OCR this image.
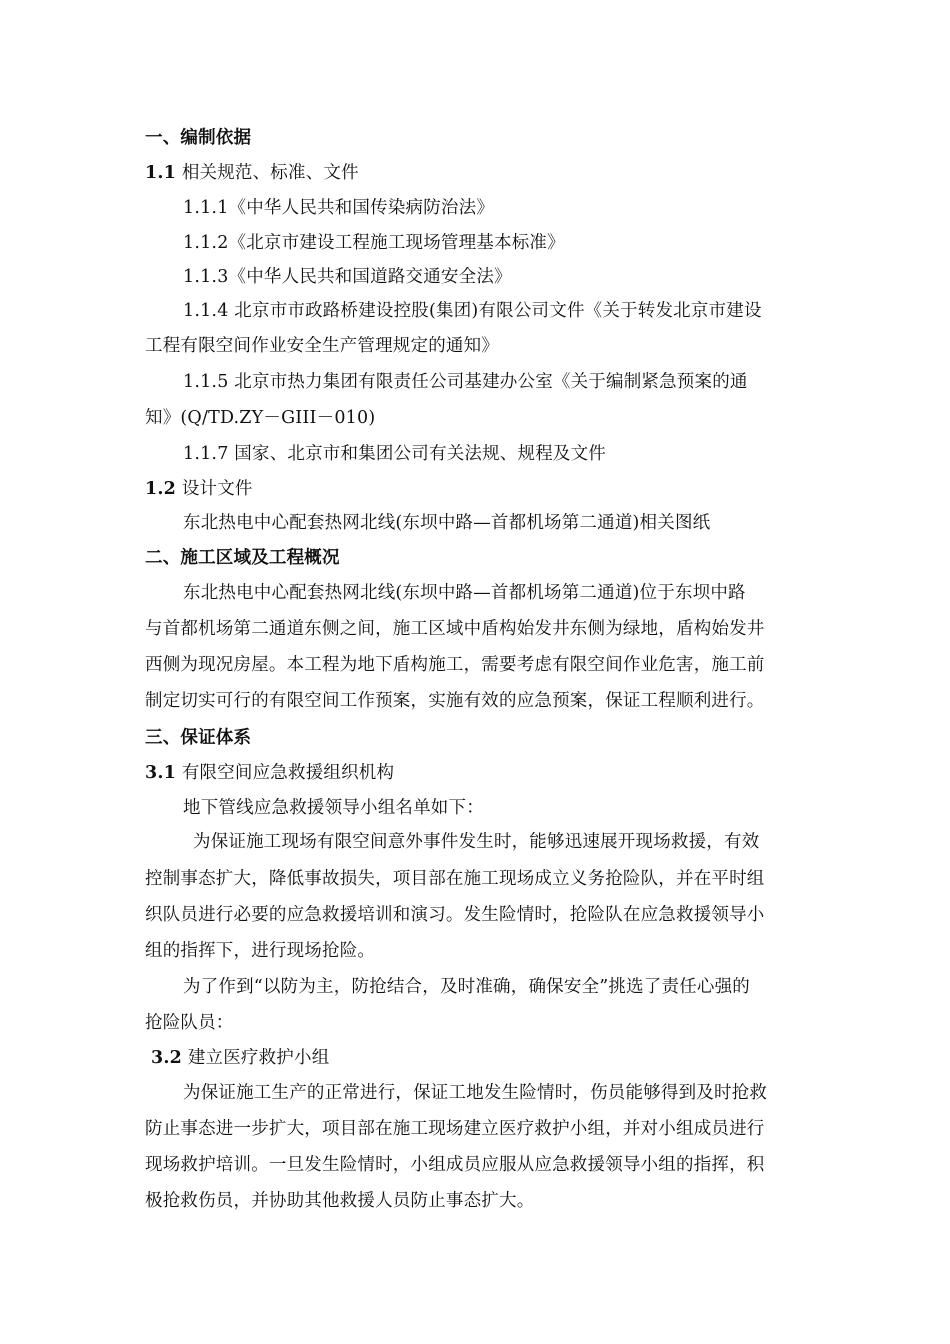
一、编制依据
1.1 相关规范、标准、文件
1.1.1《中华人民共和国传染病防治法》
1.1.2《北京市建设工程施工现场管理基本标准》
1.1.3《中华人民共和国道路交通安全法》
1.1.4 北京市市政路桥建设控股(集团)有限公司文件《关于转发北京市建设
工程有限空间作业安全生产管理规定的通知》
1.1.5 北京市热力集团有限责任公司基建办公室《关于编制紧急预案的通
知》(Q/TD.ZY－GIII－010)
1.1.7 国家、北京市和集团公司有关法规、规程及文件
1.2 设计文件
东北热电中心配套热网北线(东坝中路—首都机场第二通道)相关图纸
二、施工区域及工程概况
东北热电中心配套热网北线(东坝中路—首都机场第二通道)位于东坝中路
与首都机场第二通道东侧之间，施工区域中盾构始发井东侧为绿地，盾构始发井
西侧为现况房屋。本工程为地下盾构施工，需要考虑有限空间作业危害，施工前
制定切实可行的有限空间工作预案，实施有效的应急预案，保证工程顺利进行。
三、保证体系
3.1 有限空间应急救援组织机构
地下管线应急救援领导小组名单如下：
为保证施工现场有限空间意外事件发生时，能够迅速展开现场救援，有效
控制事态扩大，降低事故损失，项目部在施工现场成立义务抢险队，并在平时组
织队员进行必要的应急救援培训和演习。发生险情时，抢险队在应急救援领导小
组的指挥下，进行现场抢险。
为了作到“以防为主，防抢结合，及时准确，确保安全”挑选了责任心强的
抢险队员：
3.2 建立医疗救护小组
为保证施工生产的正常进行，保证工地发生险情时，伤员能够得到及时抢救
防止事态进一步扩大，项目部在施工现场建立医疗救护小组，并对小组成员进行
现场救护培训。一旦发生险情时，小组成员应服从应急救援领导小组的指挥，积
极抢救伤员，并协助其他救援人员防止事态扩大。
